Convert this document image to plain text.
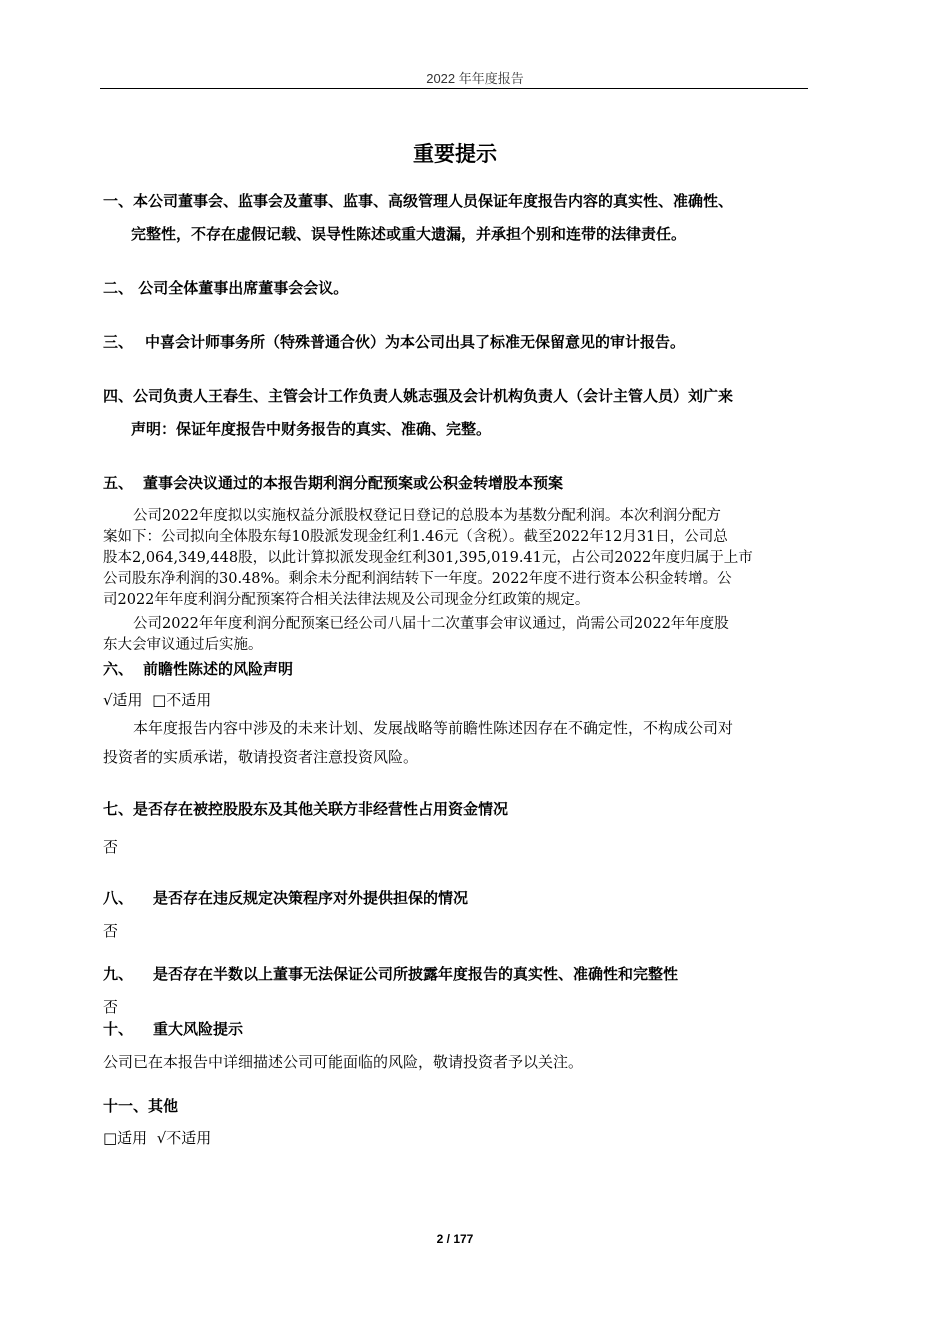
2022 年年度报告
重要提示
一、本公司董事会、监事会及董事、监事、高级管理人员保证年度报告内容的真实性、准确性、
完整性，不存在虚假记载、误导性陈述或重大遗漏，并承担个别和连带的法律责任。
二、 公司全体董事出席董事会会议。
三、 中喜会计师事务所（特殊普通合伙）为本公司出具了标准无保留意见的审计报告。
四、公司负责人王春生、主管会计工作负责人姚志强及会计机构负责人（会计主管人员）刘广来
声明：保证年度报告中财务报告的真实、准确、完整。
五、 董事会决议通过的本报告期利润分配预案或公积金转增股本预案
公司2022年度拟以实施权益分派股权登记日登记的总股本为基数分配利润。本次利润分配方
案如下：公司拟向全体股东每10股派发现金红利1.46元（含税）。截至2022年12月31日，公司总
股本2,064,349,448股，以此计算拟派发现金红利301,395,019.41元，占公司2022年度归属于上市
公司股东净利润的30.48%。剩余未分配利润结转下一年度。2022年度不进行资本公积金转增。公
司2022年年度利润分配预案符合相关法律法规及公司现金分红政策的规定。
公司2022年年度利润分配预案已经公司八届十二次董事会审议通过，尚需公司2022年年度股
东大会审议通过后实施。
六、 前瞻性陈述的风险声明
√适用  □不适用
本年度报告内容中涉及的未来计划、发展战略等前瞻性陈述因存在不确定性，不构成公司对
投资者的实质承诺，敬请投资者注意投资风险。
七、是否存在被控股股东及其他关联方非经营性占用资金情况
否
八、 是否存在违反规定决策程序对外提供担保的情况
否
九、 是否存在半数以上董事无法保证公司所披露年度报告的真实性、准确性和完整性
否
十、 重大风险提示
公司已在本报告中详细描述公司可能面临的风险，敬请投资者予以关注。
十一、其他
□适用  √不适用
2 / 177
